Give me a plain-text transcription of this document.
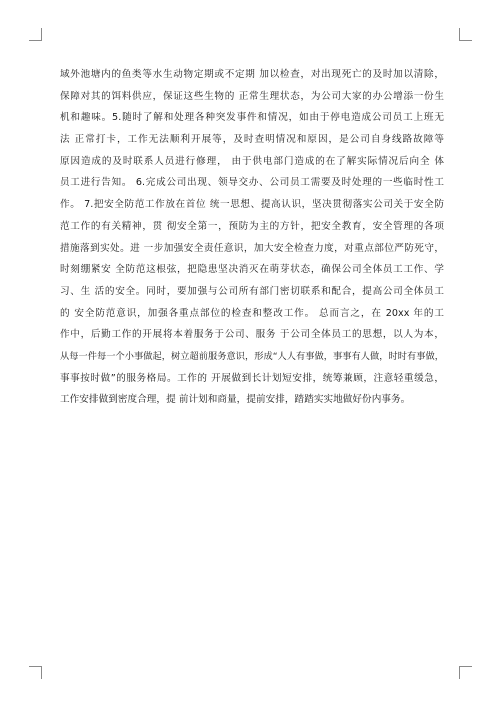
域外池塘内的鱼类等水生动物定期或不定期 加以检查，对出现死亡的及时加以清除，
保障对其的饵料供应，保证这些生物的 正常生理状态，为公司大家的办公增添一份生
机和趣味。5.随时了解和处理各种突发事件和情况，如由于停电造成公司员工上班无
法 正常打卡，工作无法顺利开展等，及时查明情况和原因，是公司自身线路故障等
原因造成的及时联系人员进行修理， 由于供电部门造成的在了解实际情况后向全 体
员工进行告知。 6.完成公司出现、领导交办、公司员工需要及时处理的一些临时性工
作。 7.把安全防范工作放在首位 统一思想、提高认识，坚决贯彻落实公司关于安全防
范工作的有关精神，贯 彻安全第一，预防为主的方针，把安全教育，安全管理的各项
措施落到实处。进 一步加强安全责任意识，加大安全检查力度，对重点部位严防死守，
时刻绷紧安 全防范这根弦，把隐患坚决消灭在萌芽状态，确保公司全体员工工作、学
习、生 活的安全。同时，要加强与公司所有部门密切联系和配合，提高公司全体员工
的 安全防范意识，加强各重点部位的检查和整改工作。 总而言之，在 20xx 年的工
作中，后勤工作的开展将本着服务于公司、服务 于公司全体员工的思想，以人为本，
从每一件每一个小事做起，树立超前服务意识，形成“人人有事做，事事有人做，时时有事做，
事事按时做”的服务格局。工作的 开展做到长计划短安排，统筹兼顾，注意轻重缓急，
工作安排做到密度合理，提 前计划和商量，提前安排，踏踏实实地做好份内事务。
